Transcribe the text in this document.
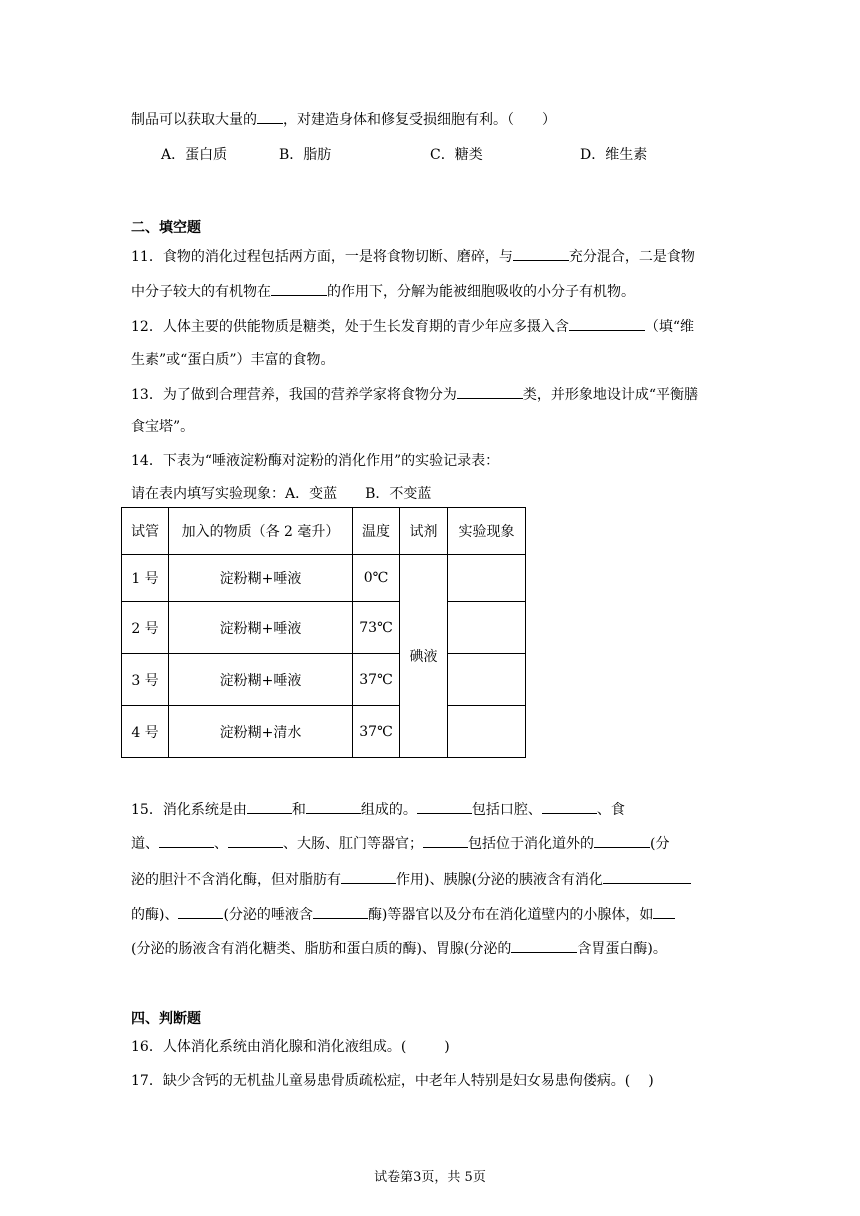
制品可以获取大量的 ，对建造身体和修复受损细胞有利。（ ）
A．蛋白质	B．脂肪	C．糖类	D．维生素
二、填空题
11．食物的消化过程包括两方面，一是将食物切断、磨碎，与	充分混合，二是食物
中分子较大的有机物在	的作用下，分解为能被细胞吸收的小分子有机物。
12．人体主要的供能物质是糖类，处于生长发育期的青少年应多摄入含	（填“维
生素”或“蛋白质”）丰富的食物。
13．为了做到合理营养，我国的营养学家将食物分为	类，并形象地设计成“平衡膳
食宝塔”。
14．下表为“唾液淀粉酶对淀粉的消化作用”的实验记录表：
请在表内填写实验现象：A．变蓝　　B．不变蓝
试管	加入的物质（各 2 毫升）	温度	试剂	实验现象
1 号	淀粉糊+唾液	0℃	碘液	
2 号	淀粉糊+唾液	73℃		
3 号	淀粉糊+唾液	37℃		
4 号	淀粉糊+清水	37℃		
15．消化系统是由	和	组成的。	包括口腔、	、食
道、	、	、大肠、肛门等器官；	包括位于消化道外的	(分
泌的胆汁不含消化酶，但对脂肪有	作用)、胰腺(分泌的胰液含有消化
的酶)、	(分泌的唾液含	酶)等器官以及分布在消化道壁内的小腺体，如
(分泌的肠液含有消化糖类、脂肪和蛋白质的酶)、胃腺(分泌的	含胃蛋白酶)。
四、判断题
16．人体消化系统由消化腺和消化液组成。(	)
17．缺少含钙的无机盐儿童易患骨质疏松症，中老年人特别是妇女易患佝偻病。( )
试卷第3页，共 5页
